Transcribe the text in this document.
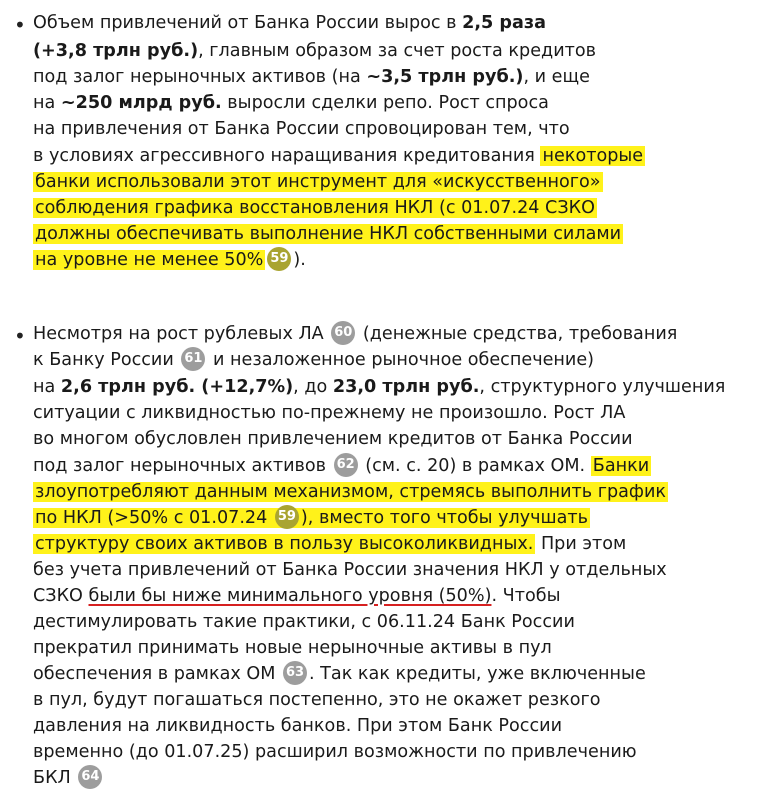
• Объем привлечений от Банка России вырос в 2,5 раза
(+3,8 трлн руб.), главным образом за счет роста кредитов
под залог нерыночных активов (на ~3,5 трлн руб.), и еще
на ~250 млрд руб. выросли сделки репо. Рост спроса
на привлечения от Банка России спровоцирован тем, что
в условиях агрессивного наращивания кредитования некоторые
банки использовали этот инструмент для «искусственного»
соблюдения графика восстановления НКЛ (с 01.07.24 СЗКО
должны обеспечивать выполнение НКЛ собственными силами
на уровне не менее 50% 59 ).
• Несмотря на рост рублевых ЛА 60 (денежные средства, требования
к Банку России 61 и незаложенное рыночное обеспечение)
на 2,6 трлн руб. (+12,7%), до 23,0 трлн руб., структурного улучшения
ситуации с ликвидностью по-прежнему не произошло. Рост ЛА
во многом обусловлен привлечением кредитов от Банка России
под залог нерыночных активов 62 (см. с. 20) в рамках ОМ. Банки
злоупотребляют данным механизмом, стремясь выполнить график
по НКЛ (>50% с 01.07.24 59 ), вместо того чтобы улучшать
структуру своих активов в пользу высоколиквидных. При этом
без учета привлечений от Банка России значения НКЛ у отдельных
СЗКО были бы ниже минимального уровня (50%). Чтобы
дестимулировать такие практики, с 06.11.24 Банк России
прекратил принимать новые нерыночные активы в пул
обеспечения в рамках ОМ 63 . Так как кредиты, уже включенные
в пул, будут погашаться постепенно, это не окажет резкого
давления на ликвидность банков. При этом Банк России
временно (до 01.07.25) расширил возможности по привлечению
БКЛ 64
